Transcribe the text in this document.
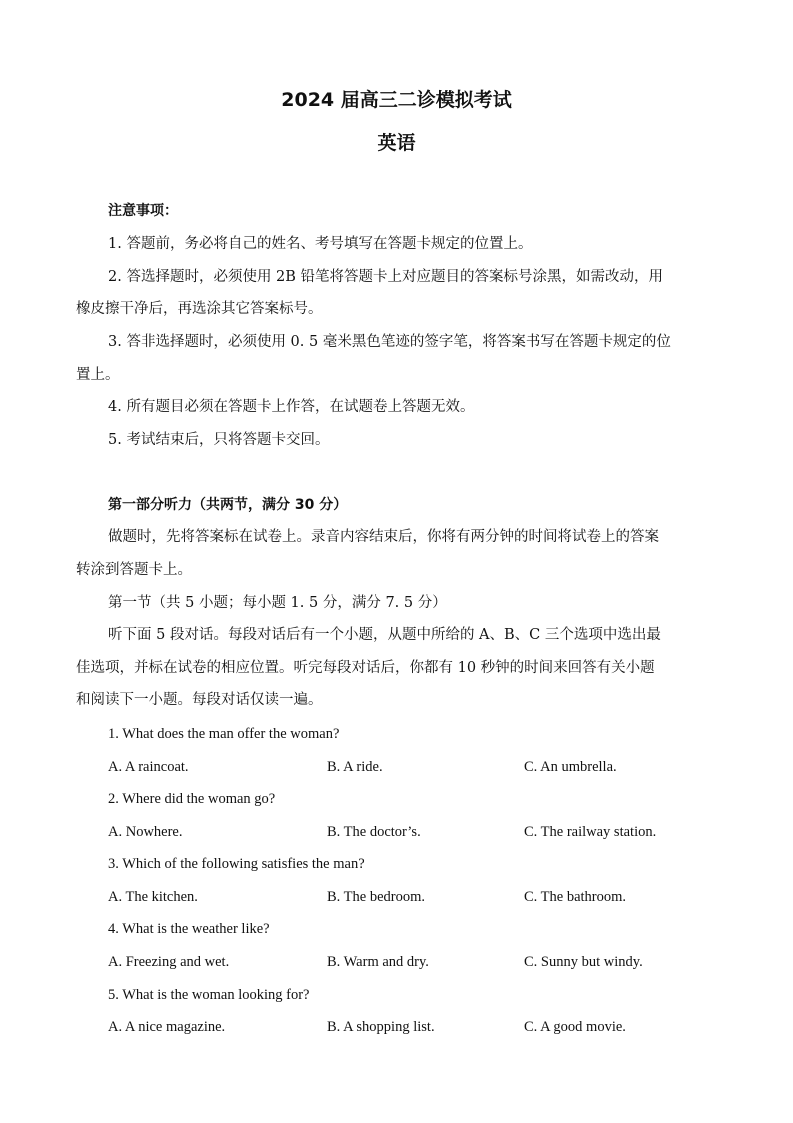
2024 届高三二诊模拟考试
英语
注意事项：
1. 答题前，务必将自己的姓名、考号填写在答题卡规定的位置上。
2. 答选择题时，必须使用 2B 铅笔将答题卡上对应题目的答案标号涂黑，如需改动，用
橡皮擦干净后，再选涂其它答案标号。
3. 答非选择题时，必须使用 0. 5 毫米黑色笔迹的签字笔，将答案书写在答题卡规定的位
置上。
4. 所有题目必须在答题卡上作答，在试题卷上答题无效。
5. 考试结束后，只将答题卡交回。
第一部分听力（共两节，满分 30 分）
做题时，先将答案标在试卷上。录音内容结束后，你将有两分钟的时间将试卷上的答案
转涂到答题卡上。
第一节（共 5 小题；每小题 1. 5 分，满分 7. 5 分）
听下面 5 段对话。每段对话后有一个小题，从题中所给的 A、B、C 三个选项中选出最
佳选项，并标在试卷的相应位置。听完每段对话后，你都有 10 秒钟的时间来回答有关小题
和阅读下一小题。每段对话仅读一遍。
1. What does the man offer the woman?
A. A raincoat.	B. A ride.	C. An umbrella.
2. Where did the woman go?
A. Nowhere.	B. The doctor’s.	C. The railway station.
3. Which of the following satisfies the man?
A. The kitchen.	B. The bedroom.	C. The bathroom.
4. What is the weather like?
A. Freezing and wet.	B. Warm and dry.	C. Sunny but windy.
5. What is the woman looking for?
A. A nice magazine.	B. A shopping list.	C. A good movie.
